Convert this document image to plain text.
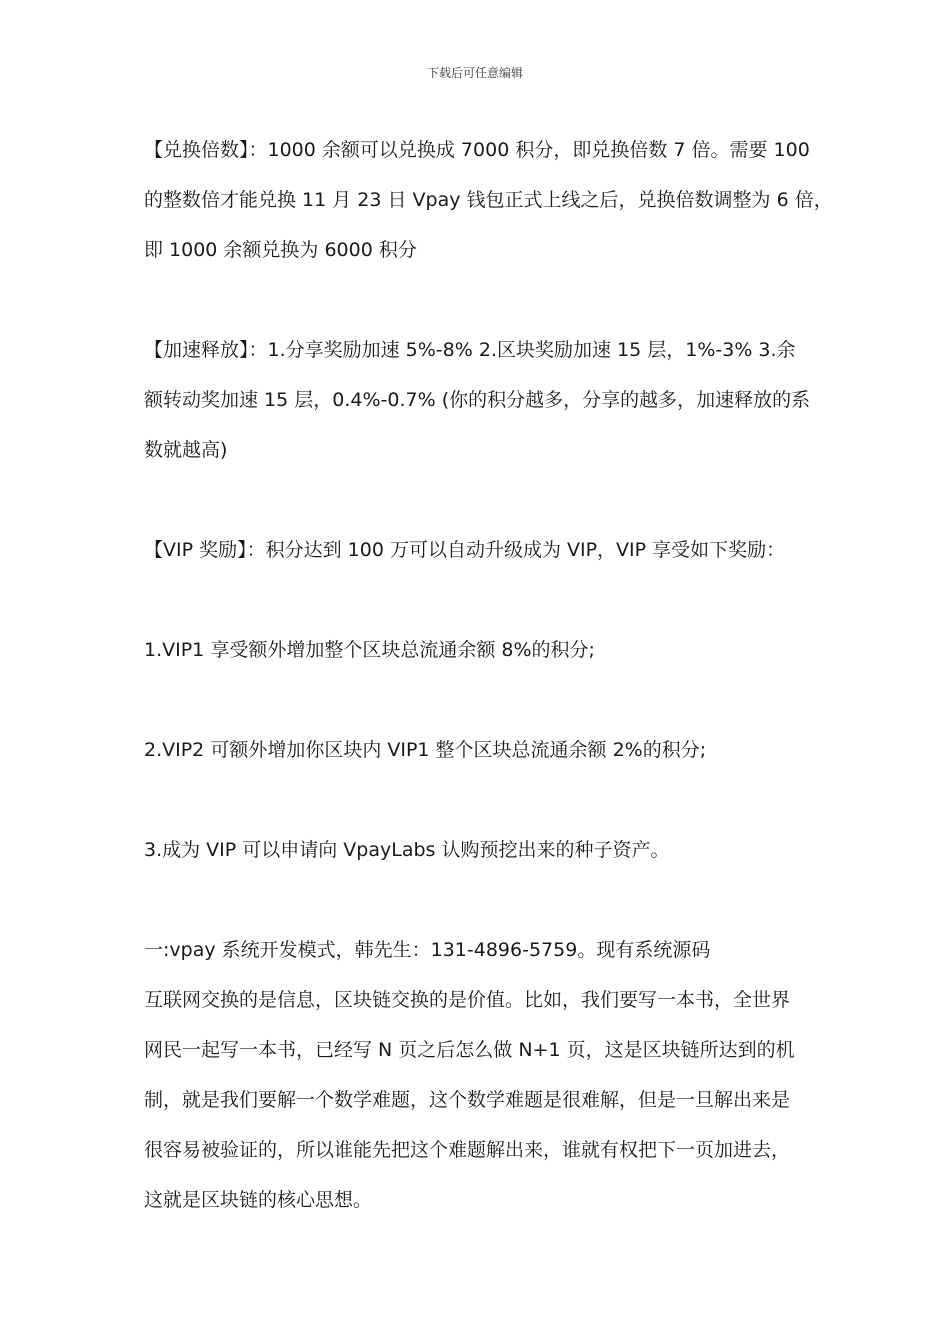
下载后可任意编辑

【兑换倍数】：1000 余额可以兑换成 7000 积分，即兑换倍数 7 倍。需要 100
的整数倍才能兑换 11 月 23 日 Vpay 钱包正式上线之后，兑换倍数调整为 6 倍，
即 1000 余额兑换为 6000 积分

【加速释放】：1.分享奖励加速 5%-8% 2.区块奖励加速 15 层，1%-3% 3.余
额转动奖加速 15 层，0.4%-0.7% (你的积分越多，分享的越多，加速释放的系
数就越高)

【VIP 奖励】：积分达到 100 万可以自动升级成为 VIP，VIP 享受如下奖励：

1.VIP1 享受额外增加整个区块总流通余额 8%的积分;

2.VIP2 可额外增加你区块内 VIP1 整个区块总流通余额 2%的积分;

3.成为 VIP 可以申请向 VpayLabs 认购预挖出来的种子资产。

一:vpay 系统开发模式，韩先生：131-4896-5759。现有系统源码
互联网交换的是信息，区块链交换的是价值。比如，我们要写一本书，全世界
网民一起写一本书，已经写 N 页之后怎么做 N+1 页，这是区块链所达到的机
制，就是我们要解一个数学难题，这个数学难题是很难解，但是一旦解出来是
很容易被验证的，所以谁能先把这个难题解出来，谁就有权把下一页加进去，
这就是区块链的核心思想。
